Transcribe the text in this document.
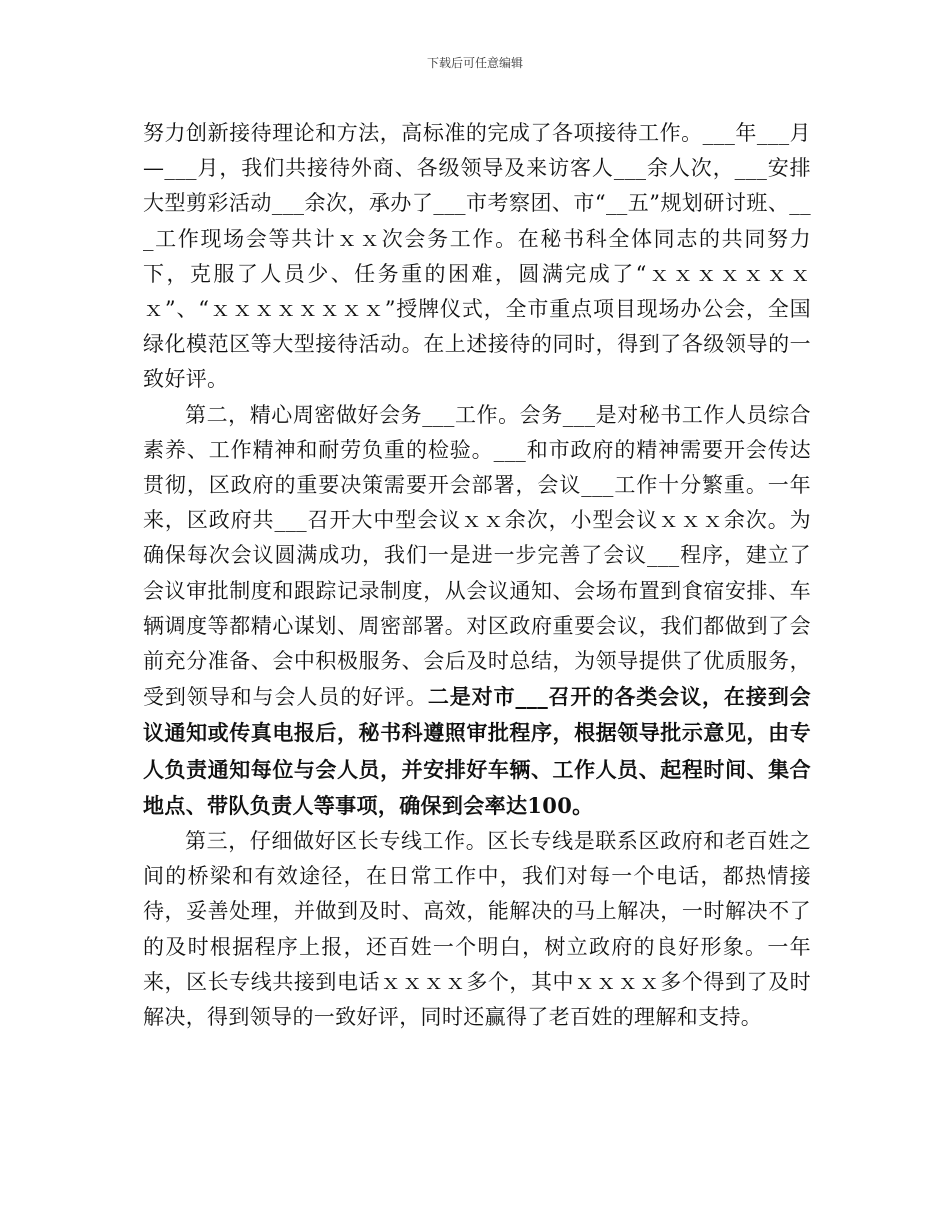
下载后可任意编辑

努力创新接待理论和方法，高标准的完成了各项接待工作。___年___月—___月，我们共接待外商、各级领导及来访客人___余人次，___安排大型剪彩活动___余次，承办了___市考察团、市“__五”规划研讨班、___工作现场会等共计ｘｘ次会务工作。在秘书科全体同志的共同努力下，克服了人员少、任务重的困难，圆满完成了“ｘｘｘｘｘｘｘｘ”、“ｘｘｘｘｘｘｘｘ”授牌仪式，全市重点项目现场办公会，全国绿化模范区等大型接待活动。在上述接待的同时，得到了各级领导的一致好评。

第二，精心周密做好会务___工作。会务___是对秘书工作人员综合素养、工作精神和耐劳负重的检验。___和市政府的精神需要开会传达贯彻，区政府的重要决策需要开会部署，会议___工作十分繁重。一年来，区政府共___召开大中型会议ｘｘ余次，小型会议ｘｘｘ余次。为确保每次会议圆满成功，我们一是进一步完善了会议___程序，建立了会议审批制度和跟踪记录制度，从会议通知、会场布置到食宿安排、车辆调度等都精心谋划、周密部署。对区政府重要会议，我们都做到了会前充分准备、会中积极服务、会后及时总结，为领导提供了优质服务，受到领导和与会人员的好评。二是对市___召开的各类会议，在接到会议通知或传真电报后，秘书科遵照审批程序，根据领导批示意见，由专人负责通知每位与会人员，并安排好车辆、工作人员、起程时间、集合地点、带队负责人等事项，确保到会率达100。

第三，仔细做好区长专线工作。区长专线是联系区政府和老百姓之间的桥梁和有效途径，在日常工作中，我们对每一个电话，都热情接待，妥善处理，并做到及时、高效，能解决的马上解决，一时解决不了的及时根据程序上报，还百姓一个明白，树立政府的良好形象。一年来，区长专线共接到电话ｘｘｘｘ多个，其中ｘｘｘｘ多个得到了及时解决，得到领导的一致好评，同时还赢得了老百姓的理解和支持。
